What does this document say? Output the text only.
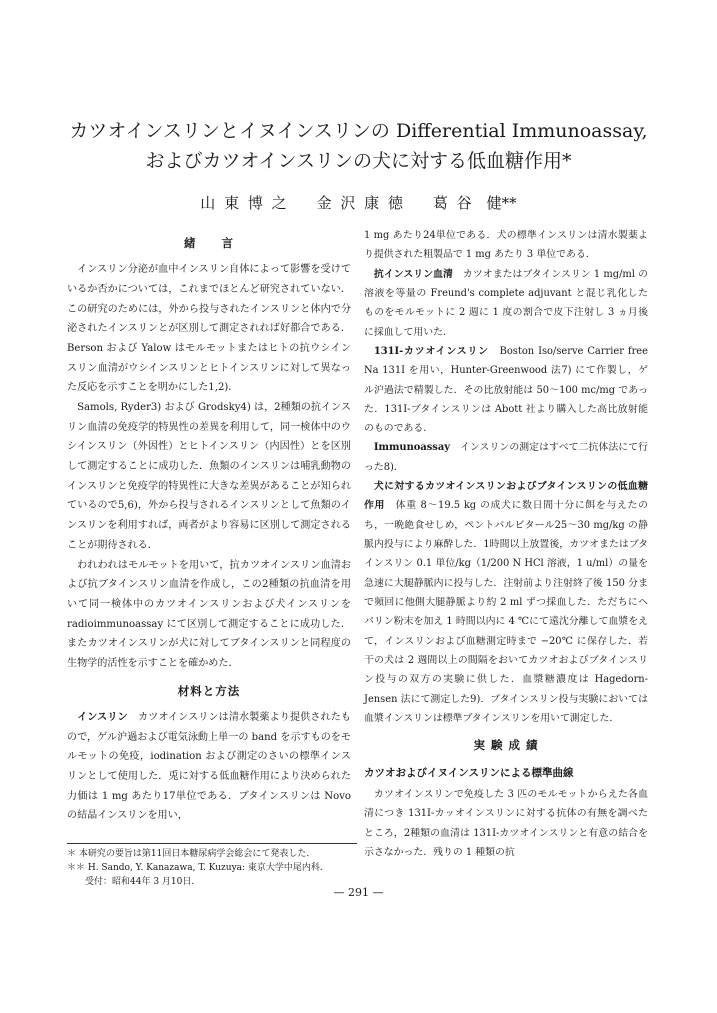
カツオインスリンとイヌインスリンの Differential Immunoassay,
およびカツオインスリンの犬に対する低血糖作用*
山 東 博 之　　金 沢 康 徳　　葛 谷　健**
緒　　言

インスリン分泌が血中インスリン自体によって影響を受けているか否かについては，これまでほとんど研究されていない．この研究のためには，外から投与されたインスリンと体内で分泌されたインスリンとが区別して測定されれば好都合である．Berson および Yalow はモルモットまたはヒトの抗ウシインスリン血清がウシインスリンとヒトインスリンに対して異なった反応を示すことを明かにした1,2)．

Samols, Ryder3) および Grodsky4) は，2種類の抗インスリン血清の免疫学的特異性の差異を利用して，同一検体中のウシインスリン（外因性）とヒトインスリン（内因性）とを区別して測定することに成功した．魚類のインスリンは哺乳動物のインスリンと免疫学的特異性に大きな差異があることが知られているので5,6)，外から投与されるインスリンとして魚類のインスリンを利用すれば，両者がより容易に区別して測定されることが期待される．

われわれはモルモットを用いて，抗カツオインスリン血清および抗ブタインスリン血清を作成し，この2種類の抗血清を用いて同一検体中のカツオインスリンおよび犬インスリンを radioimmunoassay にて区別して測定することに成功した．またカツオインスリンが犬に対してブタインスリンと同程度の生物学的活性を示すことを確かめた．

材料と方法

インスリン　 カツオインスリンは清水製薬より提供されたもので，ゲル沪過および電気泳動上単一の band を示すものをモルモットの免疫，iodination および測定のさいの標準インスリンとして使用した．兎に対する低血糖作用により決められた力価は 1 mg あたり17単位である．ブタインスリンは Novo の結晶インスリンを用い，

1 mg あたり24単位である．犬の標準インスリンは清水製薬より提供された粗製品で 1 mg あたり 3 単位である．

抗インスリン血清　 カツオまたはブタインスリン 1 mg/ml の溶液を等量の Freund's complete adjuvant と混じ乳化したものをモルモットに 2 週に 1 度の割合で皮下注射し 3 ヵ月後に採血して用いた．

131I-カツオインスリン　 Boston Iso/serve Carrier free Na 131I を用い，Hunter-Greenwood 法7) にて作製し，ゲル沪過法で精製した．その比放射能は 50〜100 mc/mg であった．131I-ブタインスリンは Abott 社より購入した高比放射能のものである．

Immunoassay　 インスリンの測定はすべて二抗体法にて行った8)．

犬に対するカツオインスリンおよびブタインスリンの低血糖作用　 体重 8〜19.5 kg の成犬に数日間十分に餌を与えたのち，一晩絶食せしめ，ペントバルビタール25〜30 mg/kg の静脈内投与により麻酔した．1時間以上放置後，カツオまたはブタインスリン 0.1 単位/kg（1/200 N HCl 溶液，1 u/ml）の量を急速に大腿静脈内に投与した．注射前より注射終了後 150 分まで頻回に他側大腿静脈より約 2 ml ずつ採血した．ただちにヘパリン粉末を加え 1 時間以内に 4 ℃にて遠沈分離して血漿をえて，インスリンおよび血糖測定時まで −20℃ に保存した．若干の犬は 2 週間以上の間隔をおいてカツオおよびブタインスリン投与の双方の実験に供した．血漿糖濃度は Hagedorn-Jensen 法にて測定した9)．ブタインスリン投与実験においては血漿インスリンは標準ブタインスリンを用いて測定した．

実 験 成 績
カツオおよびイヌインスリンによる標準曲線

カツオインスリンで免疫した 3 匹のモルモットからえた各血清につき 131I-カッオインスリンに対する抗体の有無を調べたところ，2種類の血清は 131I-カツオインスリンと有意の結合を示さなかった．残りの 1 種類の抗

＊ 本研究の要旨は第11回日本糖尿病学会総会にて発表した．
＊＊ H. Sando, Y. Kanazawa, T. Kuzuya: 東京大学中尾内科.
　　受付：昭和44年 3 月10日.
— 291 —
